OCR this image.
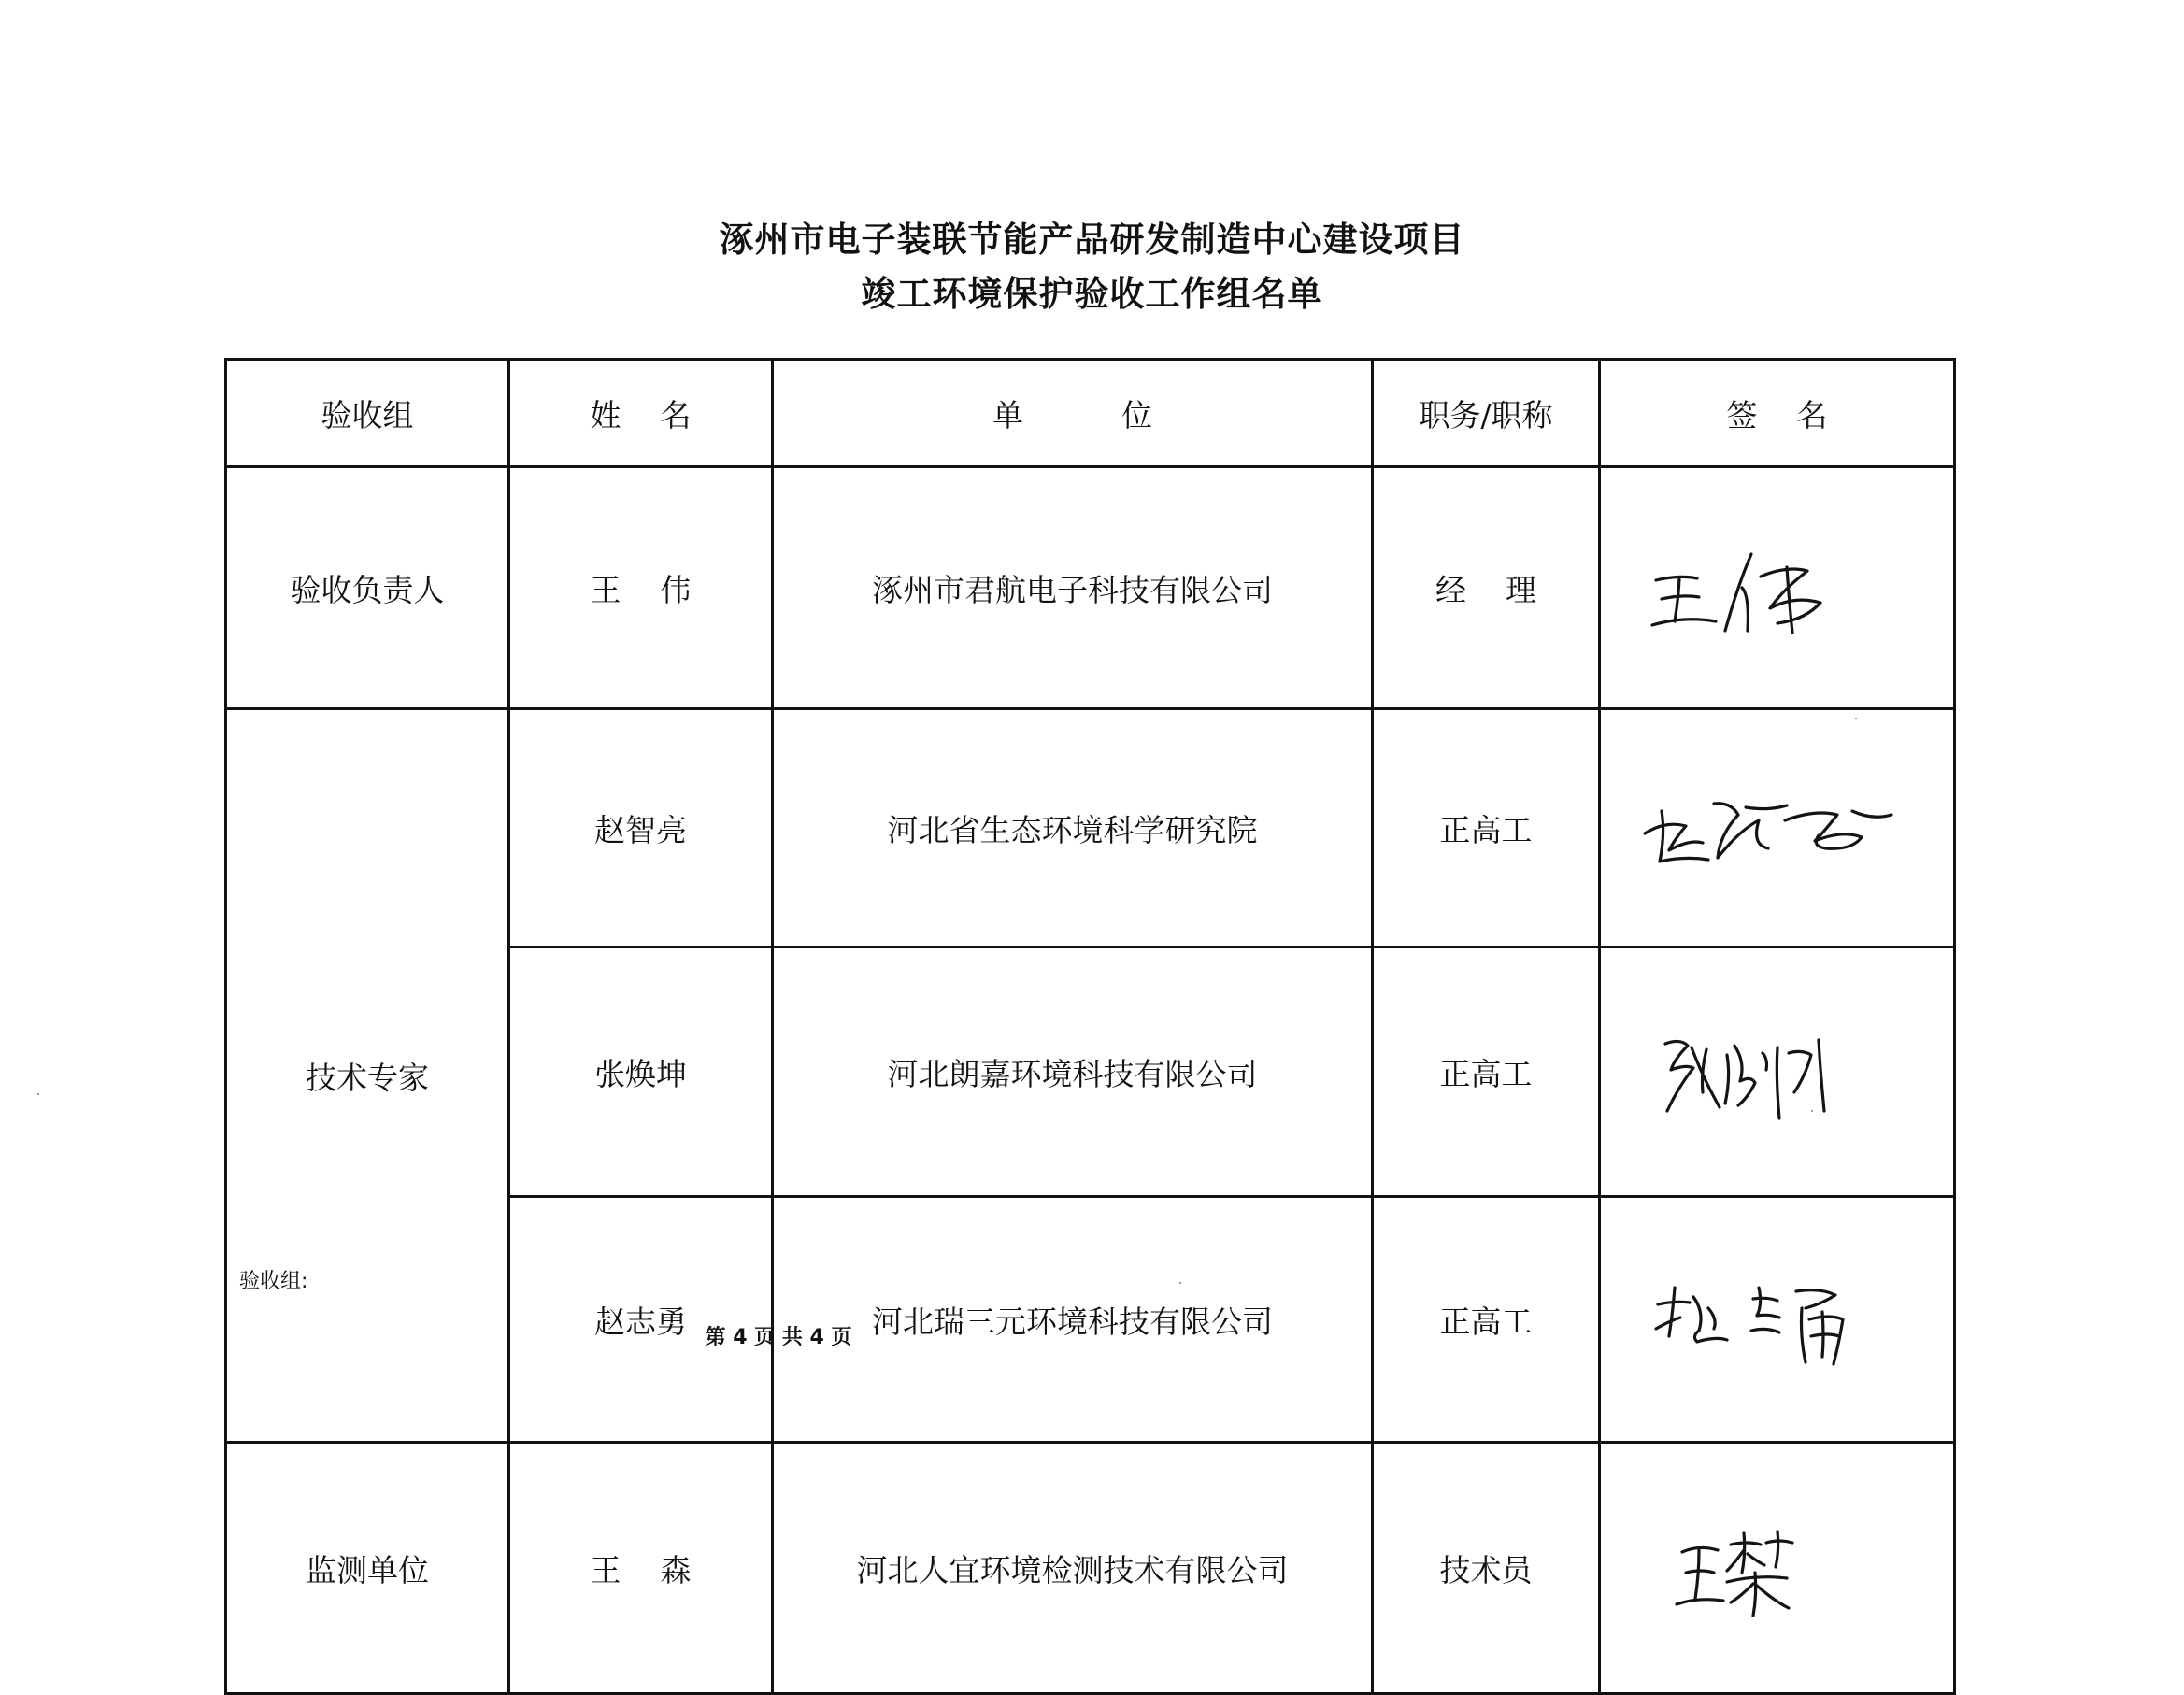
涿州市电子装联节能产品研发制造中心建设项目
竣工环境保护验收工作组名单
验收组	姓    名	单          位	职务/职称	签    名
验收负责人	王    伟	涿州市君航电子科技有限公司	经    理	

技术专家	赵智亮	河北省生态环境科学研究院	正高工	

	张焕坤	河北朗嘉环境科技有限公司	正高工	

	赵志勇	河北瑞三元环境科技有限公司	正高工	

监测单位	王    森	河北人宜环境检测技术有限公司	技术员	

验收组:
第 4 页 共 4 页
